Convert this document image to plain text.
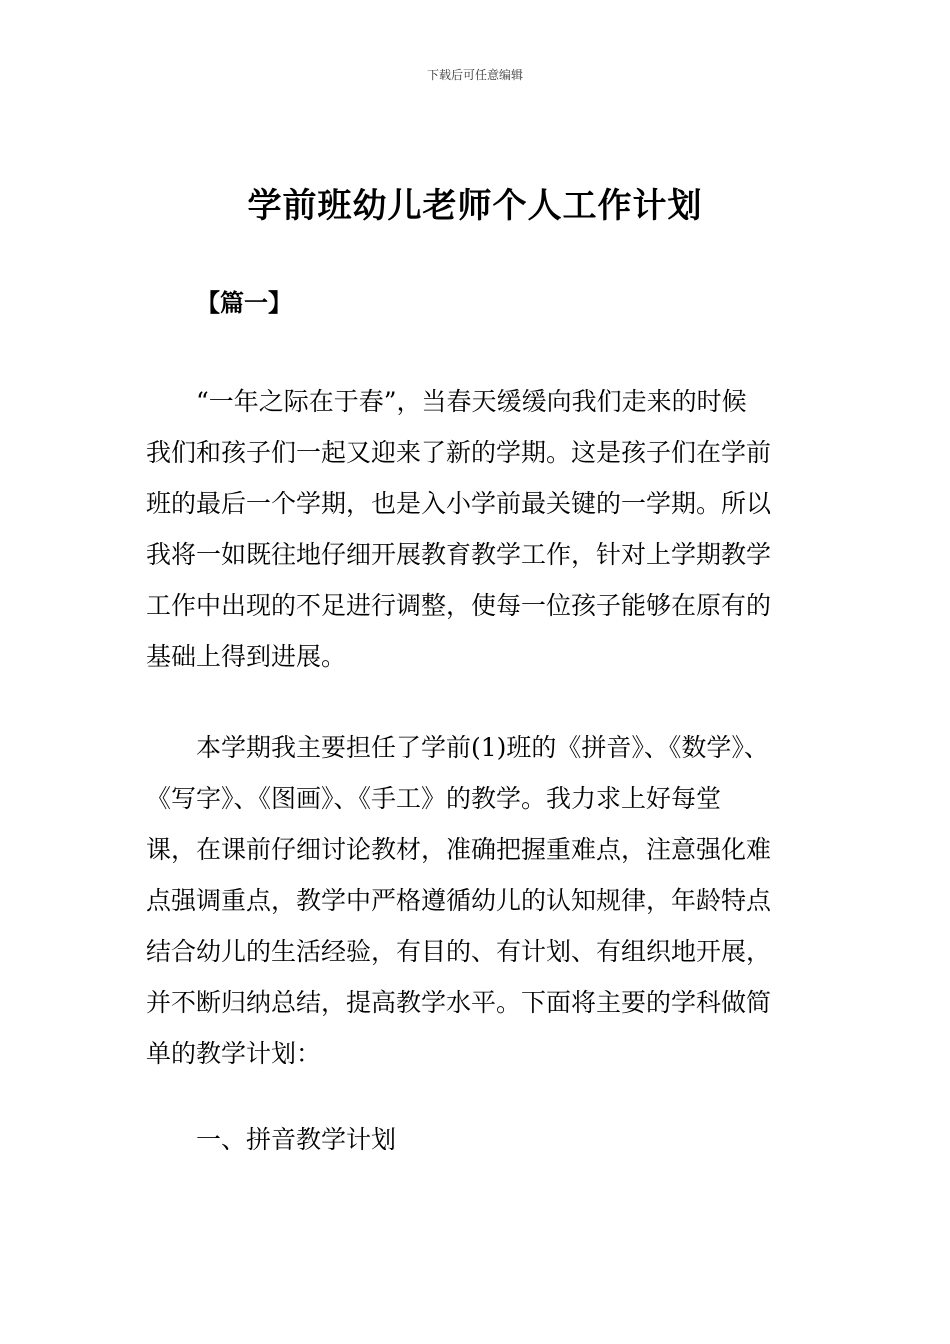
下载后可任意编辑
学前班幼儿老师个人工作计划
【篇一】
“一年之际在于春”，当春天缓缓向我们走来的时候
我们和孩子们一起又迎来了新的学期。这是孩子们在学前
班的最后一个学期，也是入小学前最关键的一学期。所以
我将一如既往地仔细开展教育教学工作，针对上学期教学
工作中出现的不足进行调整，使每一位孩子能够在原有的
基础上得到进展。
本学期我主要担任了学前(1)班的《拼音》、《数学》、
《写字》、《图画》、《手工》的教学。我力求上好每堂
课，在课前仔细讨论教材，准确把握重难点，注意强化难
点强调重点，教学中严格遵循幼儿的认知规律，年龄特点
结合幼儿的生活经验，有目的、有计划、有组织地开展，
并不断归纳总结，提高教学水平。下面将主要的学科做简
单的教学计划：
一、拼音教学计划
